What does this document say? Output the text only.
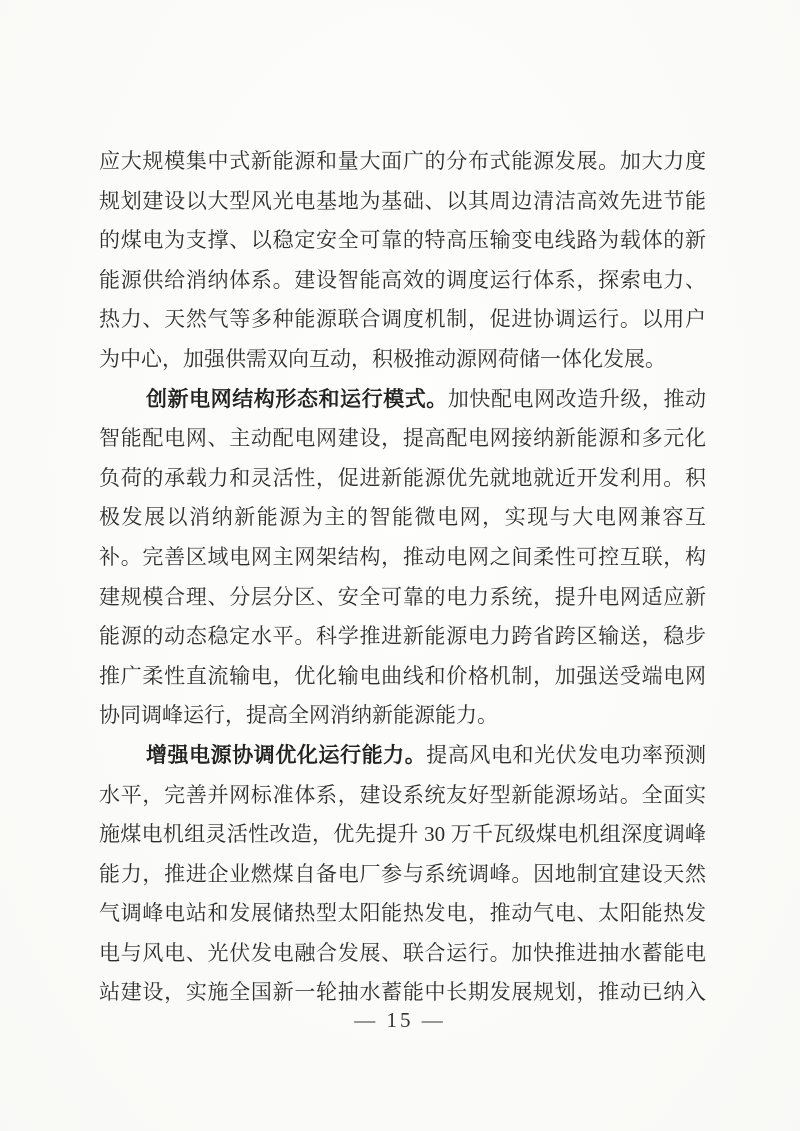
应大规模集中式新能源和量大面广的分布式能源发展。加大力度
规划建设以大型风光电基地为基础、以其周边清洁高效先进节能
的煤电为支撑、以稳定安全可靠的特高压输变电线路为载体的新
能源供给消纳体系。建设智能高效的调度运行体系，探索电力、
热力、天然气等多种能源联合调度机制，促进协调运行。以用户
为中心，加强供需双向互动，积极推动源网荷储一体化发展。

创新电网结构形态和运行模式。加快配电网改造升级，推动
智能配电网、主动配电网建设，提高配电网接纳新能源和多元化
负荷的承载力和灵活性，促进新能源优先就地就近开发利用。积
极发展以消纳新能源为主的智能微电网，实现与大电网兼容互
补。完善区域电网主网架结构，推动电网之间柔性可控互联，构
建规模合理、分层分区、安全可靠的电力系统，提升电网适应新
能源的动态稳定水平。科学推进新能源电力跨省跨区输送，稳步
推广柔性直流输电，优化输电曲线和价格机制，加强送受端电网
协同调峰运行，提高全网消纳新能源能力。

增强电源协调优化运行能力。提高风电和光伏发电功率预测
水平，完善并网标准体系，建设系统友好型新能源场站。全面实
施煤电机组灵活性改造，优先提升 30 万千瓦级煤电机组深度调峰
能力，推进企业燃煤自备电厂参与系统调峰。因地制宜建设天然
气调峰电站和发展储热型太阳能热发电，推动气电、太阳能热发
电与风电、光伏发电融合发展、联合运行。加快推进抽水蓄能电
站建设，实施全国新一轮抽水蓄能中长期发展规划，推动已纳入

— 15 —
